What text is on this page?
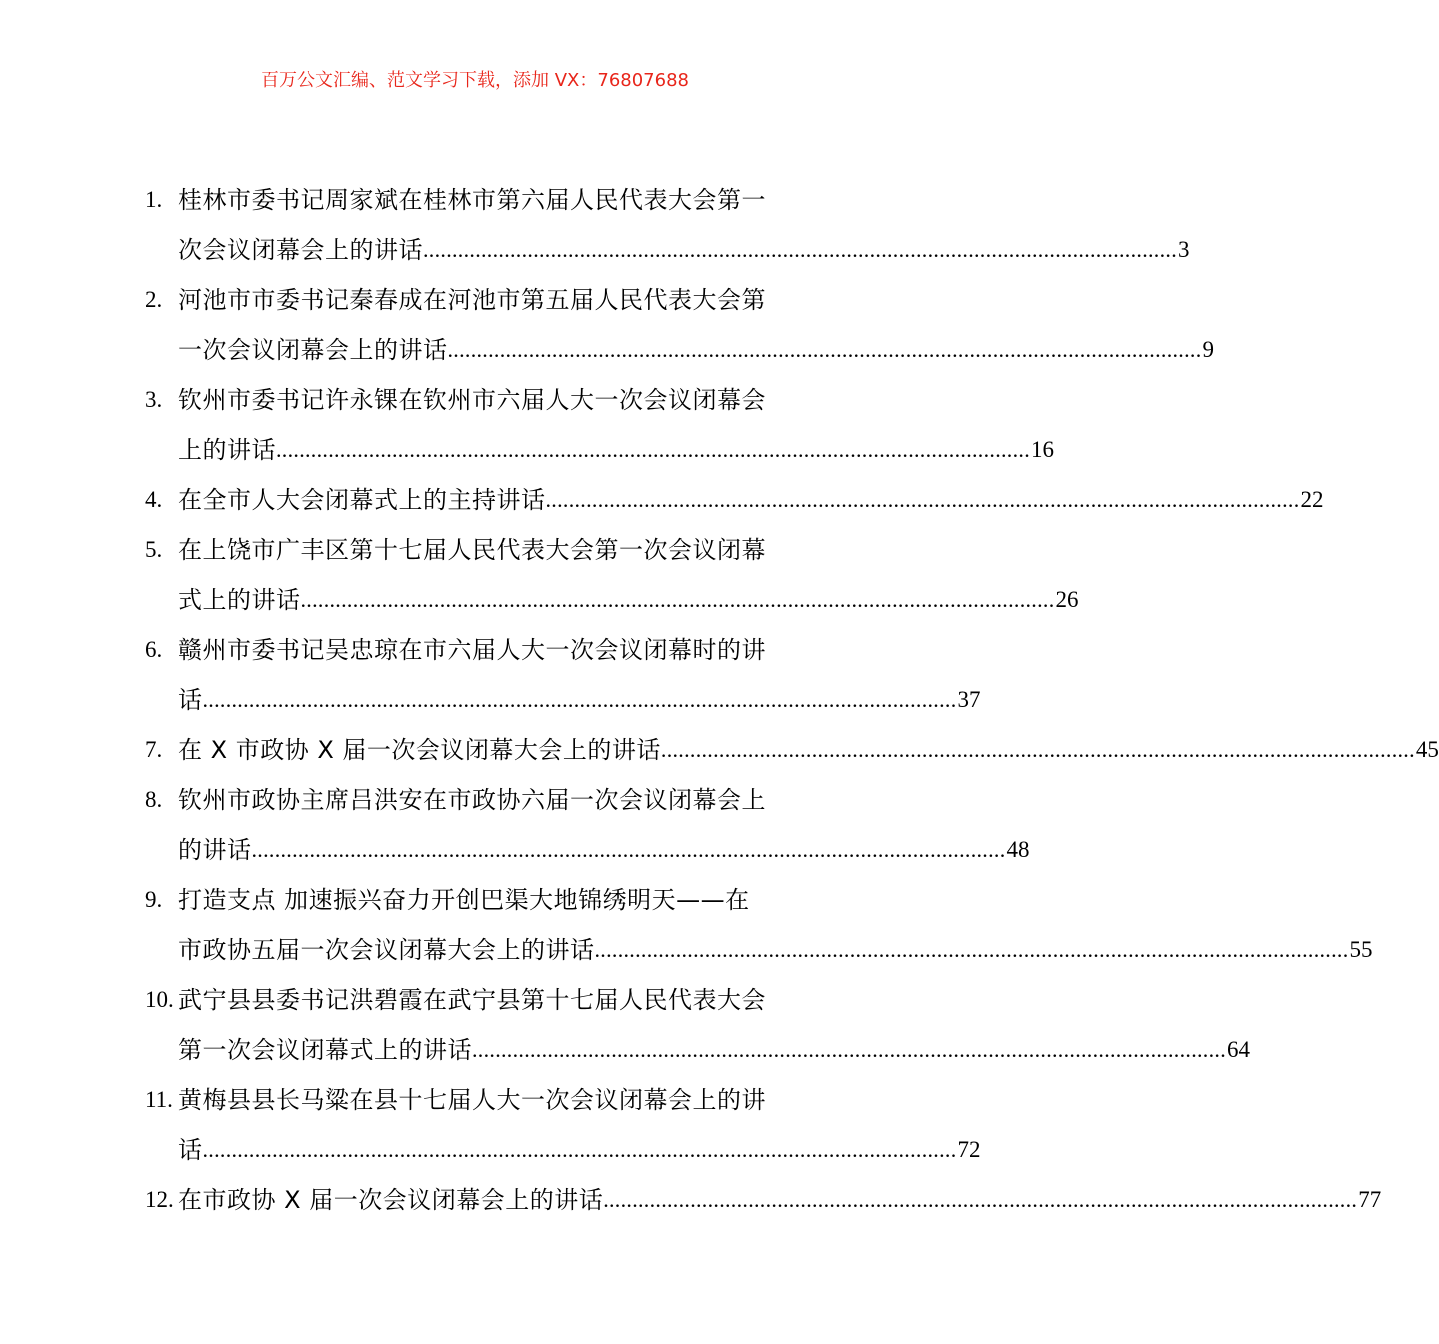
百万公文汇编、范文学习下载，添加 VX：76807688
1. 桂林市委书记周家斌在桂林市第六届人民代表大会第一
次会议闭幕会上的讲话 .................................................................................................................................. 3
2. 河池市市委书记秦春成在河池市第五届人民代表大会第
一次会议闭幕会上的讲话 .................................................................................................................................. 9
3. 钦州市委书记许永锞在钦州市六届人大一次会议闭幕会
上的讲话 .................................................................................................................................. 16
4. 在全市人大会闭幕式上的主持讲话 .................................................................................................................................. 22
5. 在上饶市广丰区第十七届人民代表大会第一次会议闭幕
式上的讲话 .................................................................................................................................. 26
6. 赣州市委书记吴忠琼在市六届人大一次会议闭幕时的讲
话 .................................................................................................................................. 37
7. 在 X 市政协 X 届一次会议闭幕大会上的讲话 .................................................................................................................................. 45
8. 钦州市政协主席吕洪安在市政协六届一次会议闭幕会上
的讲话 .................................................................................................................................. 48
9. 打造支点 加速振兴奋力开创巴渠大地锦绣明天——在
市政协五届一次会议闭幕大会上的讲话 .................................................................................................................................. 55
10. 武宁县县委书记洪碧霞在武宁县第十七届人民代表大会
第一次会议闭幕式上的讲话 .................................................................................................................................. 64
11. 黄梅县县长马粱在县十七届人大一次会议闭幕会上的讲
话 .................................................................................................................................. 72
12. 在市政协 X 届一次会议闭幕会上的讲话 .................................................................................................................................. 77
